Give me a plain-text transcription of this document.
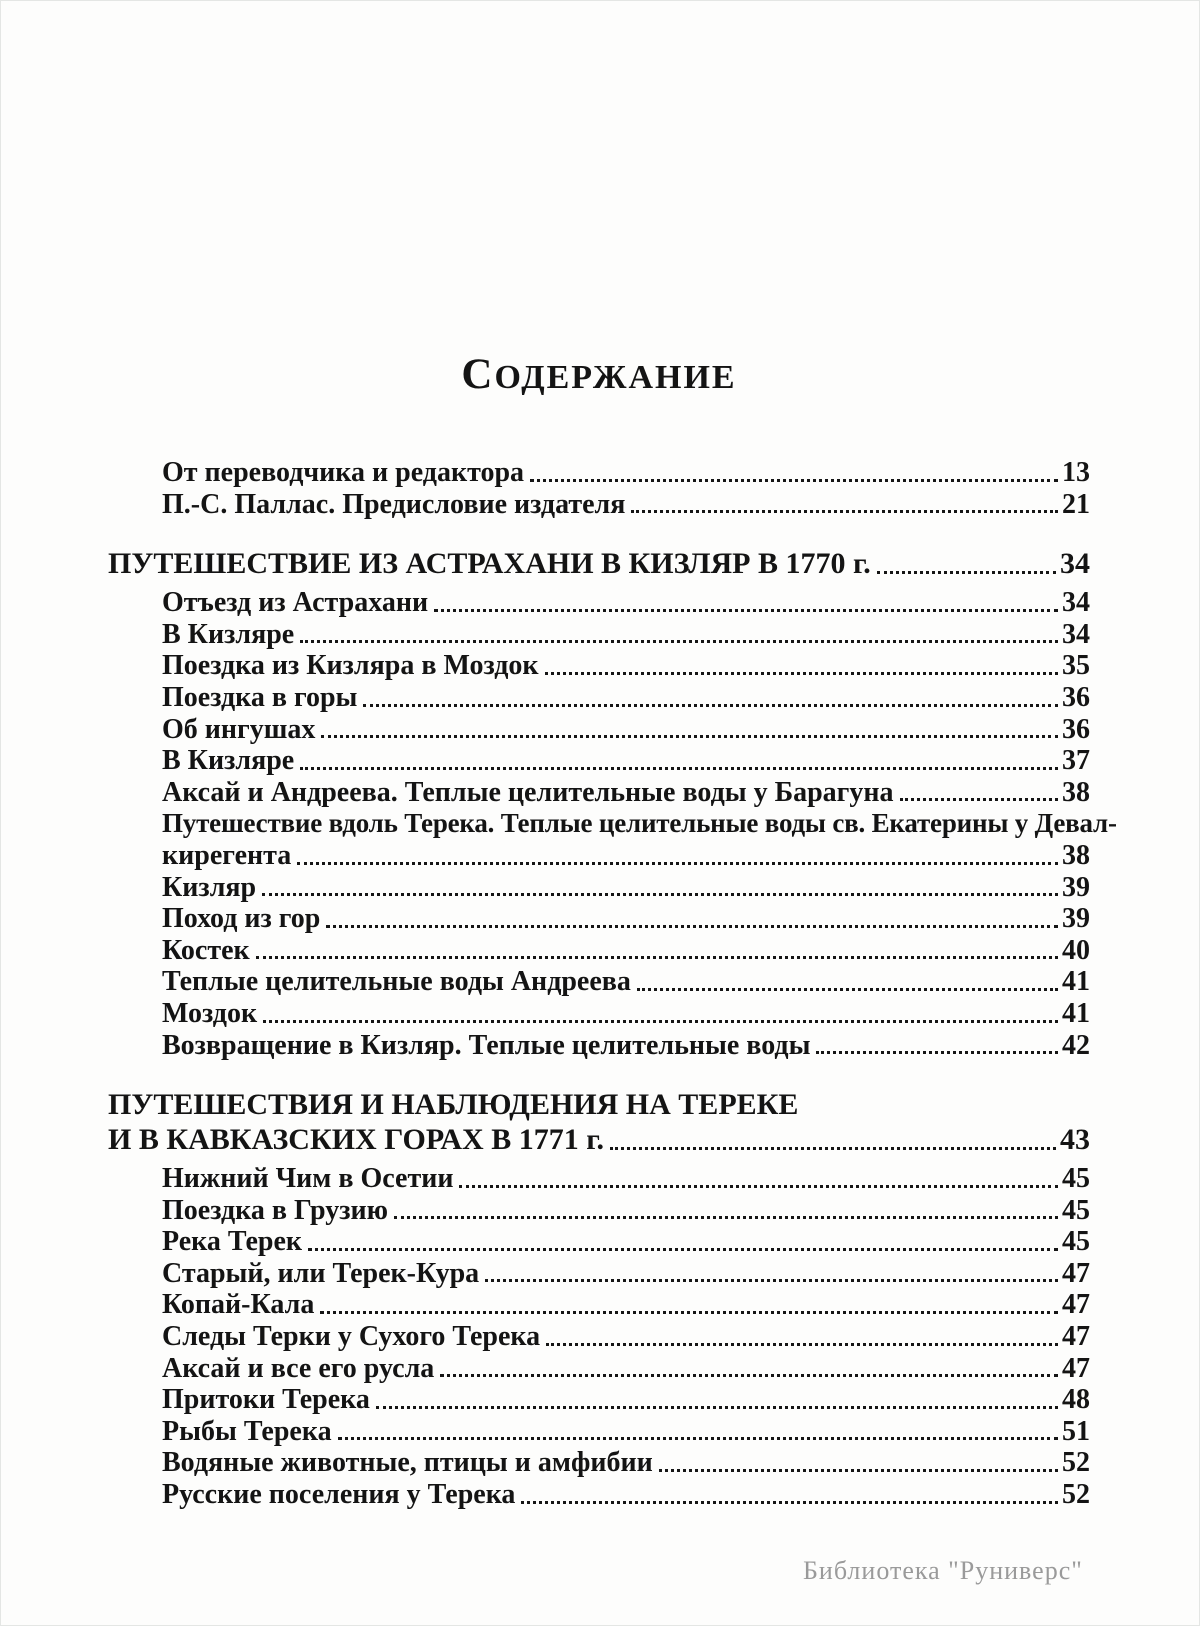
СОДЕРЖАНИЕ
От переводчика и редактора	13
П.-С. Паллас. Предисловие издателя	21
ПУТЕШЕСТВИЕ ИЗ АСТРАХАНИ В КИЗЛЯР В 1770 г.	34
Отъезд из Астрахани	34
В Кизляре	34
Поездка из Кизляра в Моздок	35
Поездка в горы	36
Об ингушах	36
В Кизляре	37
Аксай и Андреева. Теплые целительные воды у Барагуна	38
Путешествие вдоль Терека. Теплые целительные воды св. Екатерины у Девал-
кирегента	38
Кизляр	39
Поход из гор	39
Костек	40
Теплые целительные воды Андреева	41
Моздок	41
Возвращение в Кизляр. Теплые целительные воды	42
ПУТЕШЕСТВИЯ И НАБЛЮДЕНИЯ НА ТЕРЕКЕ
И В КАВКАЗСКИХ ГОРАХ В 1771 г.	43
Нижний Чим в Осетии	45
Поездка в Грузию	45
Река Терек	45
Старый, или Терек-Кура	47
Копай-Кала	47
Следы Терки у Сухого Терека	47
Аксай и все его русла	47
Притоки Терека	48
Рыбы Терека	51
Водяные животные, птицы и амфибии	52
Русские поселения у Терека	52
Библиотека "Руниверс"
